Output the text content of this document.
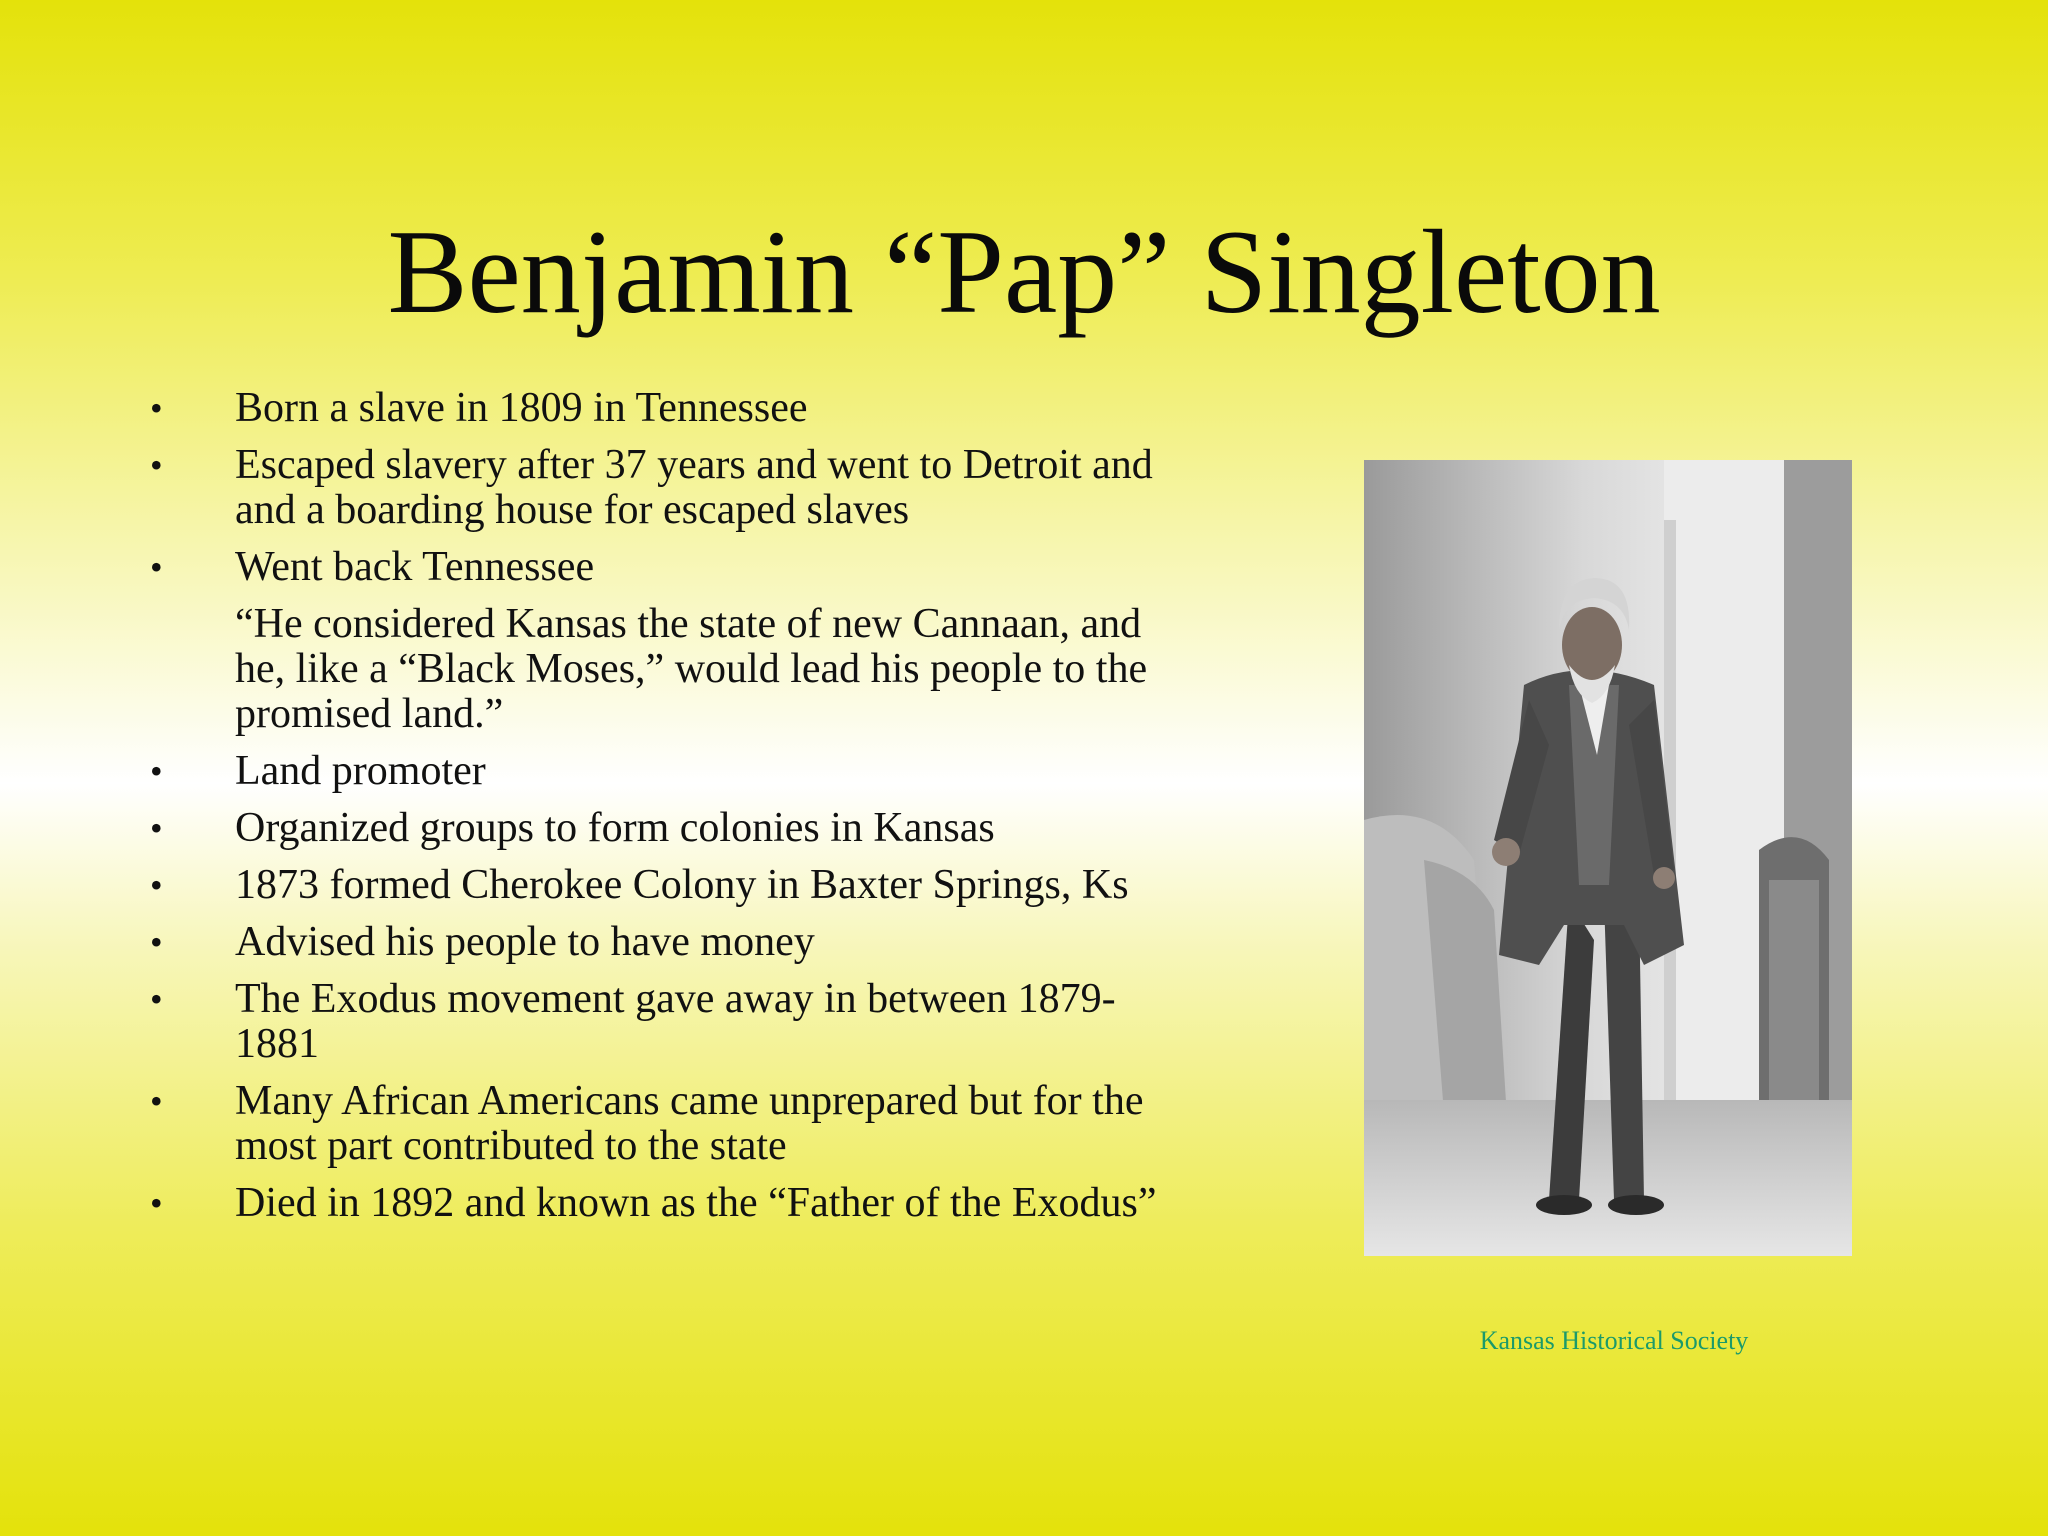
Benjamin “Pap” Singleton
•	Born a slave in 1809 in Tennessee
•	Escaped slavery after 37 years and went to Detroit and and a boarding house for escaped slaves
•	Went back Tennessee
“He considered Kansas the state of new Cannaan, and he, like a “Black Moses,” would lead his people to the promised land.”
•	Land promoter
•	Organized groups to form colonies in Kansas
•	1873 formed Cherokee Colony in Baxter Springs, Ks
•	Advised his people to have money
•	The Exodus movement gave away in between 1879-1881
•	Many African Americans came unprepared but for the most part contributed to the state
•	Died in 1892 and known as the “Father of the Exodus”
Kansas Historical Society
